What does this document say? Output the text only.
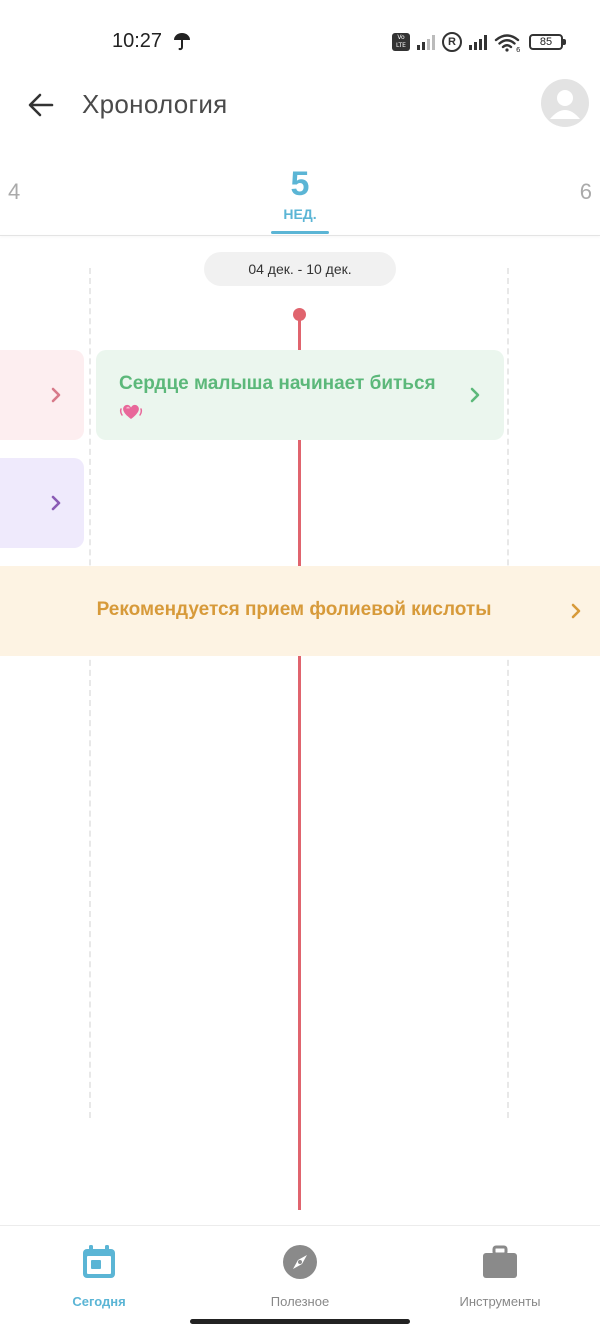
10:27	Vo LTE	R
6
85
Хронология
4	5
НЕД.
6
04 дек. - 10 дек.
Сердце малыша начинает биться
Рекомендуется прием фолиевой кислоты
Сегодня	Полезное	Инструменты
